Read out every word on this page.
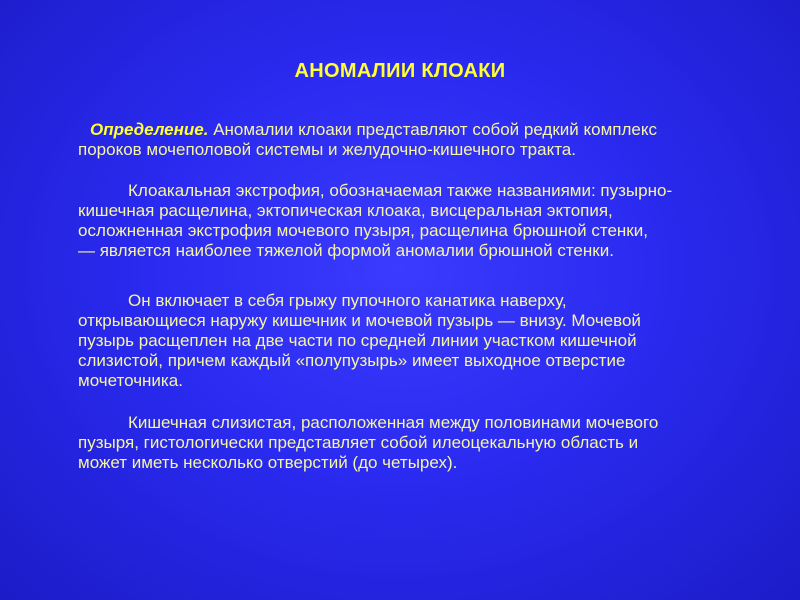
АНОМАЛИИ КЛОАКИ

Определение. Аномалии клоаки представляют собой редкий комплекс
пороков мочеполовой системы и желудочно-кишечного тракта.

Клоакальная экстрофия, обозначаемая также названиями: пузырно-
кишечная расщелина, эктопическая клоака, висцеральная эктопия,
осложненная экстрофия мочевого пузыря, расщелина брюшной стенки,
— является наиболее тяжелой формой аномалии брюшной стенки.

Он включает в себя грыжу пупочного канатика наверху,
открывающиеся наружу кишечник и мочевой пузырь — внизу. Мочевой
пузырь расщеплен на две части по средней линии участком кишечной
слизистой, причем каждый «полупузырь» имеет выходное отверстие
мочеточника.

Кишечная слизистая, расположенная между половинами мочевого
пузыря, гистологически представляет собой илеоцекальную область и
может иметь несколько отверстий (до четырех).
